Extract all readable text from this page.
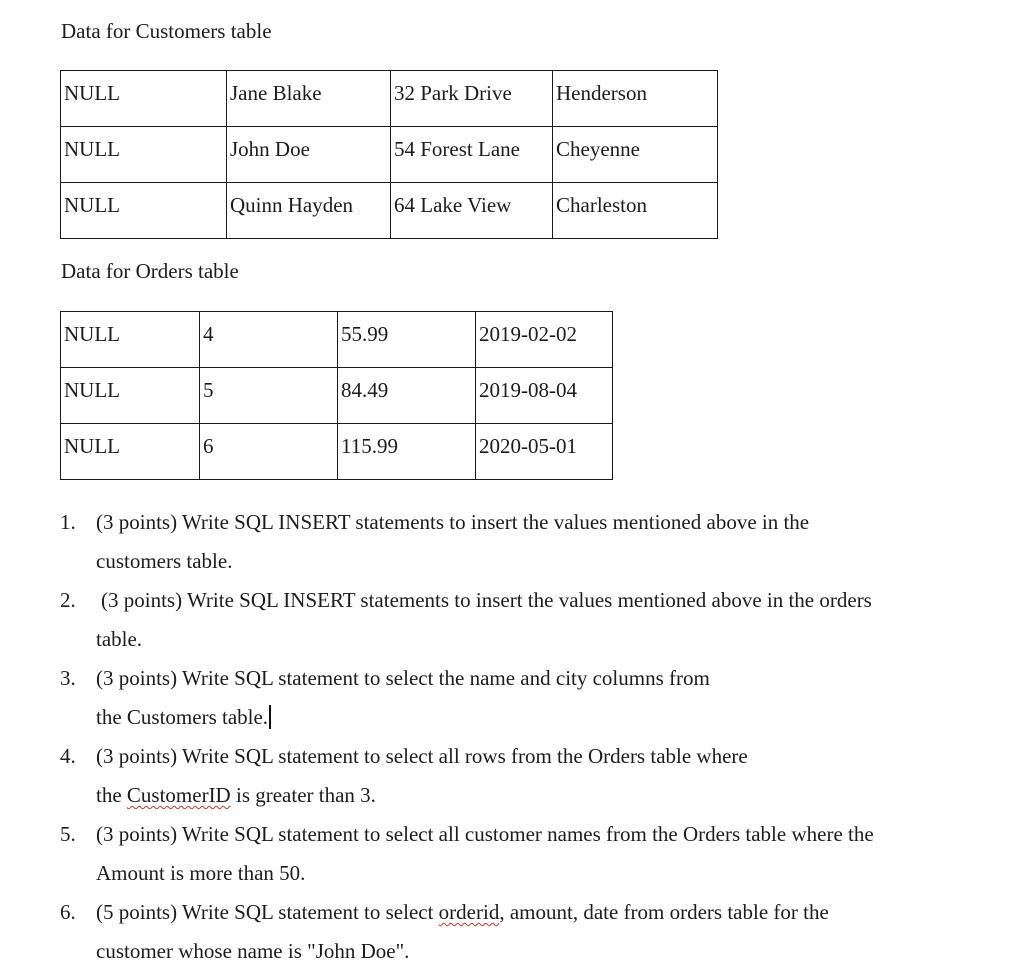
Data for Customers table
NULL	Jane Blake	32 Park Drive	Henderson
NULL	John Doe	54 Forest Lane	Cheyenne
NULL	Quinn Hayden	64 Lake View	Charleston
Data for Orders table
NULL	4	55.99	2019-02-02
NULL	5	84.49	2019-08-04
NULL	6	115.99	2020-05-01
1. (3 points) Write SQL INSERT statements to insert the values mentioned above in the
customers table.
2. (3 points) Write SQL INSERT statements to insert the values mentioned above in the orders
table.
3. (3 points) Write SQL statement to select the name and city columns from
the Customers table.
4. (3 points) Write SQL statement to select all rows from the Orders table where
the CustomerID is greater than 3.
5. (3 points) Write SQL statement to select all customer names from the Orders table where the
Amount is more than 50.
6. (5 points) Write SQL statement to select orderid, amount, date from orders table for the
customer whose name is "John Doe".
